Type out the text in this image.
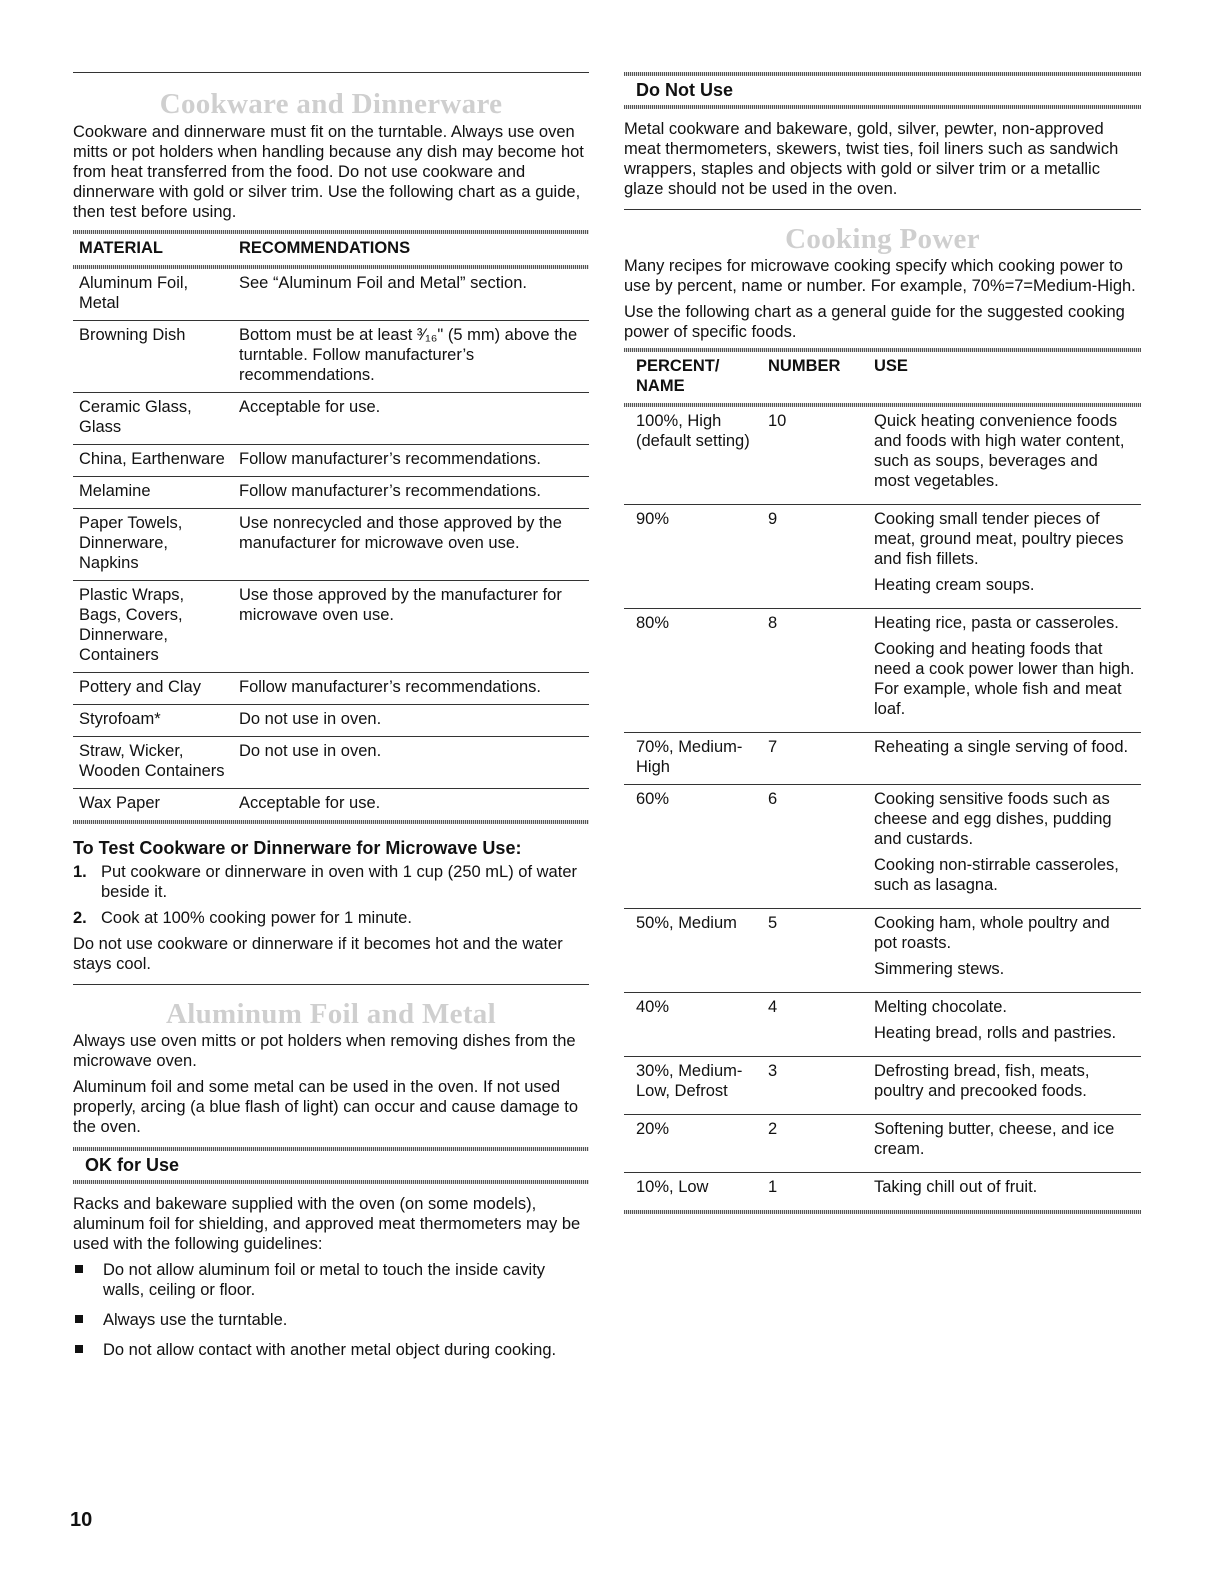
Cookware and Dinnerware

Cookware and dinnerware must fit on the turntable. Always use oven mitts or pot holders when handling because any dish may become hot from heat transferred from the food. Do not use cookware and dinnerware with gold or silver trim. Use the following chart as a guide, then test before using.

MATERIAL	RECOMMENDATIONS

Aluminum Foil, Metal	See “Aluminum Foil and Metal” section.
Browning Dish	Bottom must be at least ³⁄₁₆" (5 mm) above the turntable. Follow manufacturer’s recommendations.
Ceramic Glass, Glass	Acceptable for use.
China, Earthenware	Follow manufacturer’s recommendations.
Melamine	Follow manufacturer’s recommendations.
Paper Towels, Dinnerware, Napkins	Use nonrecycled and those approved by the manufacturer for microwave oven use.
Plastic Wraps, Bags, Covers, Dinnerware, Containers	Use those approved by the manufacturer for microwave oven use.
Pottery and Clay	Follow manufacturer’s recommendations.
Styrofoam*	Do not use in oven.
Straw, Wicker, Wooden Containers	Do not use in oven.
Wax Paper	Acceptable for use.
To Test Cookware or Dinnerware for Microwave Use:
1. Put cookware or dinnerware in oven with 1 cup (250 mL) of water beside it.
2. Cook at 100% cooking power for 1 minute.

Do not use cookware or dinnerware if it becomes hot and the water stays cool.

Aluminum Foil and Metal

Always use oven mitts or pot holders when removing dishes from the microwave oven.

Aluminum foil and some metal can be used in the oven. If not used properly, arcing (a blue flash of light) can occur and cause damage to the oven.

OK for Use

Racks and bakeware supplied with the oven (on some models), aluminum foil for shielding, and approved meat thermometers may be used with the following guidelines:

Do not allow aluminum foil or metal to touch the inside cavity walls, ceiling or floor.
Always use the turntable.
Do not allow contact with another metal object during cooking.
Do Not Use

Metal cookware and bakeware, gold, silver, pewter, non-approved meat thermometers, skewers, twist ties, foil liners such as sandwich wrappers, staples and objects with gold or silver trim or a metallic glaze should not be used in the oven.

Cooking Power

Many recipes for microwave cooking specify which cooking power to use by percent, name or number. For example, 70%=7=Medium-High.

Use the following chart as a general guide for the suggested cooking power of specific foods.

PERCENT/ NAME	NUMBER	USE

100%, High (default setting)	10	Quick heating convenience foods and foods with high water content, such as soups, beverages and most vegetables.

90%	9	Cooking small tender pieces of meat, ground meat, poultry pieces and fish fillets.
Heating cream soups.

80%	8	Heating rice, pasta or casseroles.
Cooking and heating foods that need a cook power lower than high. For example, whole fish and meat loaf.

70%, Medium-High	7	Reheating a single serving of food.

60%	6	Cooking sensitive foods such as cheese and egg dishes, pudding and custards.
Cooking non-stirrable casseroles, such as lasagna.

50%, Medium	5	Cooking ham, whole poultry and pot roasts.
Simmering stews.

40%	4	Melting chocolate.
Heating bread, rolls and pastries.

30%, Medium-Low, Defrost	3	Defrosting bread, fish, meats, poultry and precooked foods.

20%	2	Softening butter, cheese, and ice cream.

10%, Low	1	Taking chill out of fruit.
10
